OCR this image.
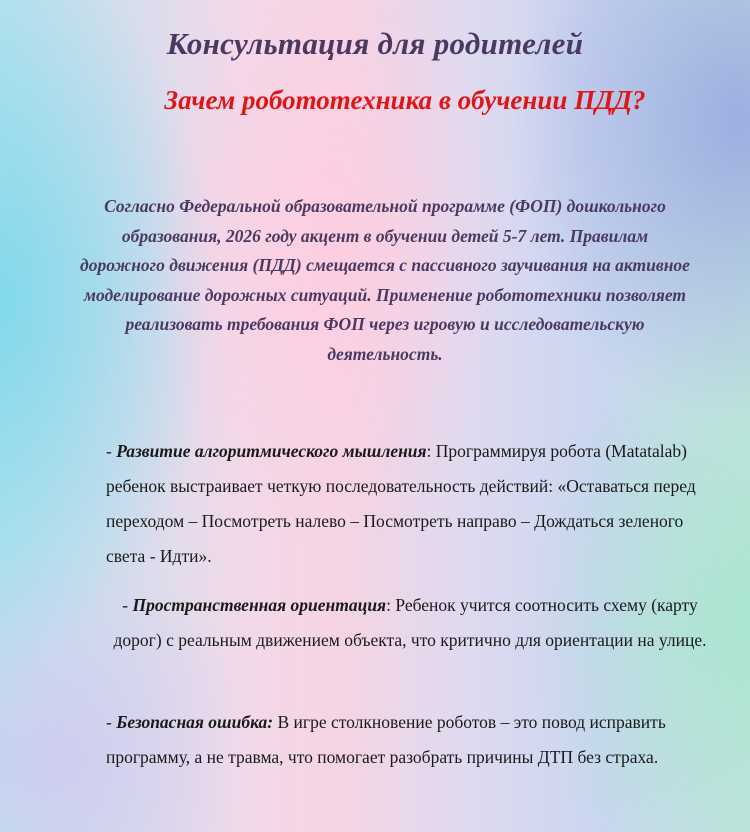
Консультация для родителей
Зачем робототехника в обучении ПДД?
Согласно Федеральной образовательной программе (ФОП) дошкольного образования, 2026 году акцент в обучении детей 5-7 лет. Правилам дорожного движения (ПДД) смещается с пассивного заучивания на активное моделирование дорожных ситуаций. Применение робототехники позволяет реализовать требования ФОП через игровую и исследовательскую деятельность.
- Развитие алгоритмического мышления: Программируя робота (Matatalab) ребенок выстраивает четкую последовательность действий: «Оставаться перед переходом – Посмотреть налево – Посмотреть направо – Дождаться зеленого света - Идти».
- Пространственная ориентация: Ребенок учится соотносить схему (карту дорог) с реальным движением объекта, что критично для ориентации на улице.
- Безопасная ошибка: В игре столкновение роботов – это повод исправить программу, а не травма, что помогает разобрать причины ДТП без страха.
